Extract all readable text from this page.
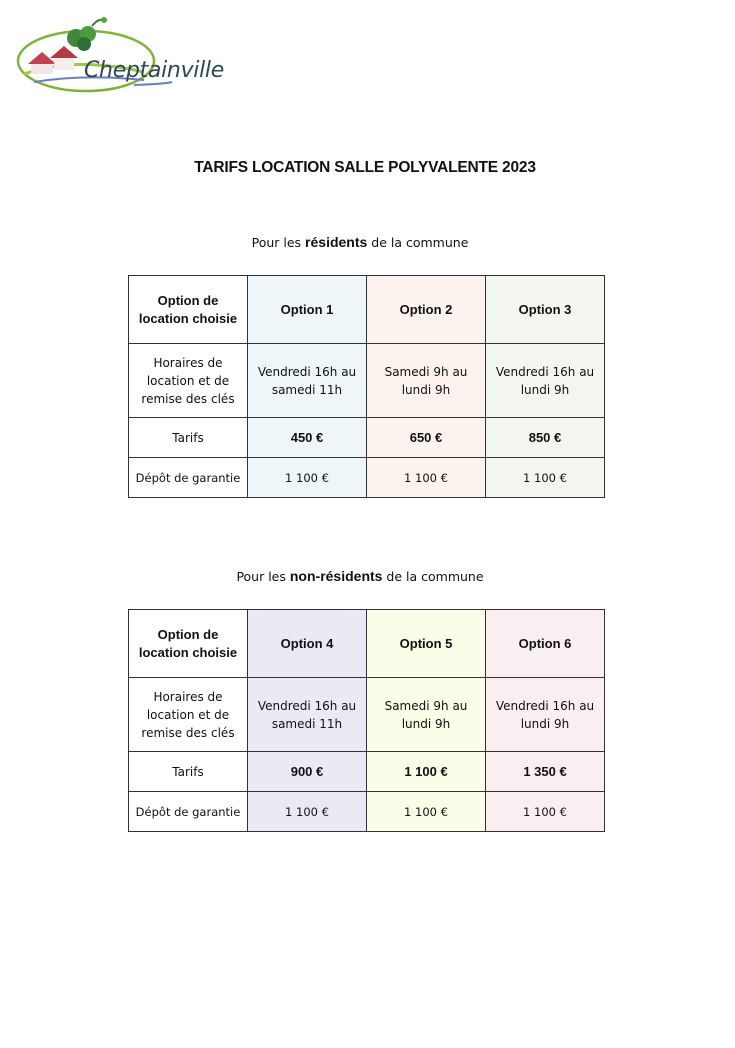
Cheptainville
TARIFS LOCATION SALLE POLYVALENTE 2023
Pour les résidents de la commune
Option de location choisie	Option 1	Option 2	Option 3
Horaires de location et de remise des clés	Vendredi 16h au samedi 11h	Samedi 9h au lundi 9h	Vendredi 16h au lundi 9h
Tarifs	450 €	650 €	850 €
Dépôt de garantie	1 100 €	1 100 €	1 100 €
Pour les non-résidents de la commune
Option de location choisie	Option 4	Option 5	Option 6
Horaires de location et de remise des clés	Vendredi 16h au samedi 11h	Samedi 9h au lundi 9h	Vendredi 16h au lundi 9h
Tarifs	900 €	1 100 €	1 350 €
Dépôt de garantie	1 100 €	1 100 €	1 100 €
